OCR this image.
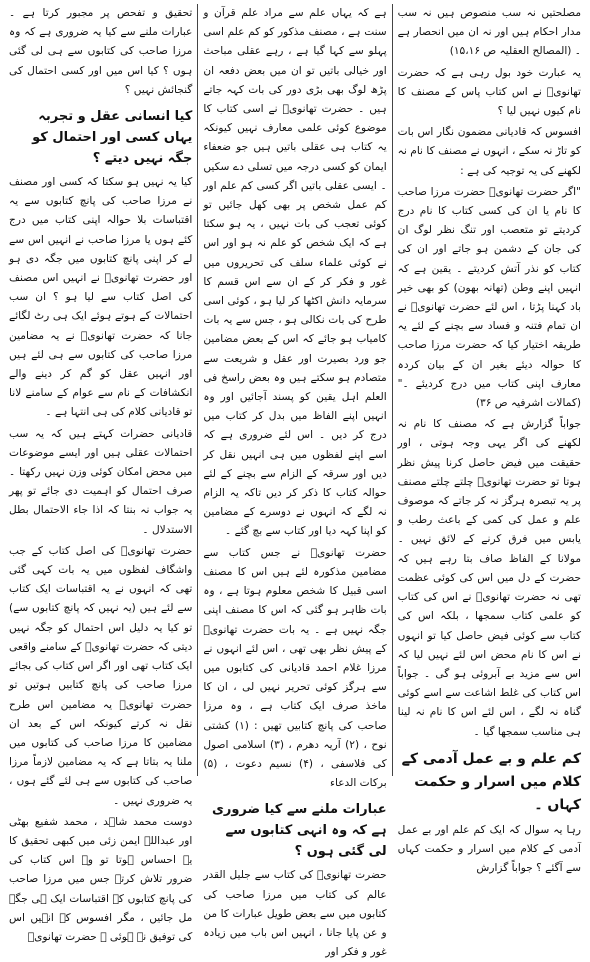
مصلحتیں نہ سب منصوص ہیں نہ سب مدار احکام ہیں اور نہ ان میں انحصار ہے ۔ (المصالح العقلیہ ص ۱۵،۱۶)
یہ عبارت خود بول رہی ہے کہ حضرت تھانویؒ نے اس کتاب پاس کے مصنف کا نام کیوں نہیں لیا ؟
افسوس کہ قادیانی مضمون نگار اس بات کو تاڑ نہ سکے ، انہوں نے مصنف کا نام نہ لکھنے کی یہ توجیہ کی ہے :
"اگر حضرت تھانویؒ حضرت مرزا صاحب کا نام یا ان کی کسی کتاب کا نام درج کردیتے تو متعصب اور تنگ نظر لوگ ان کی جان کے دشمن ہو جاتے اور ان کی کتاب کو نذر آتش کردیتے ۔ یقین ہے کہ انہیں اپنے وطن (تھانہ بھون) کو بھی خیر باد کہنا پڑتا ، اس لئے حضرت تھانویؒ نے ان تمام فتنہ و فساد سے بچنے کے لئے یہ طریقہ اختیار کیا کہ حضرت مرزا صاحب کا حوالہ دیئے بغیر ان کے بیان کردہ معارف اپنی کتاب میں درج کردیئے ۔" (کمالات اشرفیہ ص ۳۶)
جواباً گزارش ہے کہ مصنف کا نام نہ لکھنے کی اگر یہی وجہ ہوتی ، اور حقیقت میں فیض حاصل کرنا پیش نظر ہوتا تو حضرت تھانویؒ چلتے چلتے مصنف پر یہ تبصرہ ہرگز نہ کر جاتے کہ موصوف علم و عمل کی کمی کے باعث رطب و یابس میں فرق کرنے کے لائق نہیں ۔ مولانا کے الفاظ صاف بتا رہے ہیں کہ حضرت کے دل میں اس کی کوئی عظمت تھی نہ حضرت تھانویؒ نے اس کی کتاب کو علمی کتاب سمجھا ، بلکہ اس کی کتاب سے کوئی فیض حاصل کیا تو انہوں نے اس کا نام محض اس لئے نہیں لیا کہ اس سے مزید بے آبروئی ہو گی ۔ جواباً اس کتاب کی غلط اشاعت سے اسے کوئی گناہ نہ لگے ، اس لئے اس کا نام نہ لینا ہی مناسب سمجھا گیا ۔
کم علم و بے عمل آدمی کے کلام میں اسرار و حکمت کہاں ۔
رہا یہ سوال کہ ایک کم علم اور بے عمل آدمی کے کلام میں اسرار و حکمت کہاں سے آگئے ؟ جواباً گزارش
ہے کہ یہاں علم سے مراد علم قرآن و سنت ہے ، مصنف مذکور کو کم علم اسی پہلو سے کہا گیا ہے ، رہے عقلی مباحث اور خیالی باتیں تو ان میں بعض دفعہ ان پڑھ لوگ بھی بڑی دور کی بات کہہ جاتے ہیں ۔ حضرت تھانویؒ نے اسی کتاب کا موضوع کوئی علمی معارف نہیں کیونکہ یہ کتاب ہی عقلی باتیں ہیں جو ضعفاء ایمان کو کسی درجہ میں تسلی دے سکیں ۔ ایسی عقلی باتیں اگر کسی کم علم اور کم عمل شخص پر بھی کھل جائیں تو کوئی تعجب کی بات نہیں ، یہ ہو سکتا ہے کہ ایک شخص کو علم نہ ہو اور اس نے کوئی علماء سلف کی تحریروں میں غور و فکر کر کے ان سے اس قسم کا سرمایہ دانش اکٹھا کر لیا ہو ، کوئی اسی طرح کی بات نکالی ہو ، جس سے یہ بات کامیاب ہو جائے کہ اس کے بعض مضامین جو ورد بصیرت اور عقل و شریعت سے متصادم ہو سکتے ہیں وہ بعض راسخ فی العلم اہل یقین کو پسند آجائیں اور وہ انہیں اپنے الفاظ میں بدل کر کتاب میں درج کر دیں ۔ اس لئے ضروری ہے کہ اسے اپنے لفظوں میں ہی انہیں نقل کر دیں اور سرقہ کے الزام سے بچنے کے لئے حوالہ کتاب کا ذکر کر دیں تاکہ یہ الزام نہ لگے کہ انہوں نے دوسرے کے مضامین کو اپنا کہہ دیا اور کتاب سے بچ گئے ۔
حضرت تھانویؒ نے جس کتاب سے مضامین مذکورہ لئے ہیں اس کا مصنف اسی قبیل کا شخص معلوم ہوتا ہے ، وہ بات ظاہر ہو گئی کہ اس کا مصنف اپنی جگہ نہیں ہے ۔ یہ بات حضرت تھانویؒ کے پیش نظر بھی تھی ، اس لئے انہوں نے مرزا غلام احمد قادیانی کی کتابوں میں سے ہرگز کوئی تحریر نہیں لی ، ان کا ماخذ صرف ایک کتاب ہے ، وہ مرزا صاحب کی پانچ کتابیں تھیں : (۱) کشتی نوح ، (۲) آریہ دھرم ، (۳) اسلامی اصول کی فلاسفی ، (۴) نسیم دعوت ، (۵) برکات الدعاء
عبارات ملنے سے کیا ضروری ہے کہ وہ انہی کتابوں سے لی گئی ہوں ؟
حضرت تھانویؒ کی کتاب سے جلیل القدر عالم کی کتاب میں مرزا صاحب کی کتابوں میں سے بعض طویل عبارات کا من و عن پایا جانا ، انہیں اس باب میں زیادہ غور و فکر اور
تحقیق و تفحص پر مجبور کرتا ہے ۔ عبارات ملنے سے کیا یہ ضروری ہے کہ وہ مرزا صاحب کی کتابوں سے ہی لی گئی ہوں ؟ کیا اس میں اور کسی احتمال کی گنجائش نہیں ؟
کیا انسانی عقل و تجربہ یہاں کسی اور احتمال کو جگہ نہیں دیتے ؟
کیا یہ نہیں ہو سکتا کہ کسی اور مصنف نے مرزا صاحب کی پانچ کتابوں سے یہ اقتباسات بلا حوالہ اپنی کتاب میں درج کئے ہوں یا مرزا صاحب نے انہیں اس سے لے کر اپنی پانچ کتابوں میں جگہ دی ہو اور حضرت تھانویؒ نے انہیں اس مصنف کی اصل کتاب سے لیا ہو ؟ ان سب احتمالات کے ہوتے ہوئے ایک ہی رٹ لگائے جانا کہ حضرت تھانویؒ نے یہ مضامین مرزا صاحب کی کتابوں سے ہی لئے ہیں اور انہیں عقل کو گم کر دینے والے انکشافات کے نام سے عوام کے سامنے لانا تو قادیانی کلام کی ہی انتہا ہے ۔
قادیانی حضرات کہتے ہیں کہ یہ سب احتمالات عقلی ہیں اور ایسے موضوعات میں محض امکان کوئی وزن نہیں رکھتا ۔ صرف احتمال کو اہمیت دی جائے تو پھر یہ جواب نہ بنتا کہ اذا جاء الاحتمال بطل الاستدلال ۔
حضرت تھانویؒ کی اصل کتاب کے جب واشگاف لفظوں میں یہ بات کہی گئی تھی کہ انہوں نے یہ اقتباسات ایک کتاب سے لئے ہیں (یہ نہیں کہ پانچ کتابوں سے) تو کیا یہ دلیل اس احتمال کو جگہ نہیں دیتی کہ حضرت تھانویؒ کے سامنے واقعی ایک کتاب تھی اور اگر اس کتاب کی بجائے مرزا صاحب کی پانچ کتابیں ہوتیں تو حضرت تھانویؒ یہ مضامین اس طرح نقل نہ کرتے کیونکہ اس کے بعد ان مضامین کا مرزا صاحب کی کتابوں میں ملنا یہ بتاتا ہے کہ یہ مضامین لازماً مرزا صاحب کی کتابوں سے ہی لئے گئے ہوں ، یہ ضروری نہیں ۔
دوست محمد شاہد ، محمد شفیع بھٹی اور عبداللہ ایمن زئی میں کبھی تحقیق کا یہ احساس ہوتا تو وہ اس کتاب کی ضرور تلاش کرتے جس میں مرزا صاحب کی پانچ کتابوں کے اقتباسات ایک ہی جگہ مل جائیں ، مگر افسوس کہ انہیں اس کی توفیق نہ ہوئی ۔ حضرت تھانویؒ
